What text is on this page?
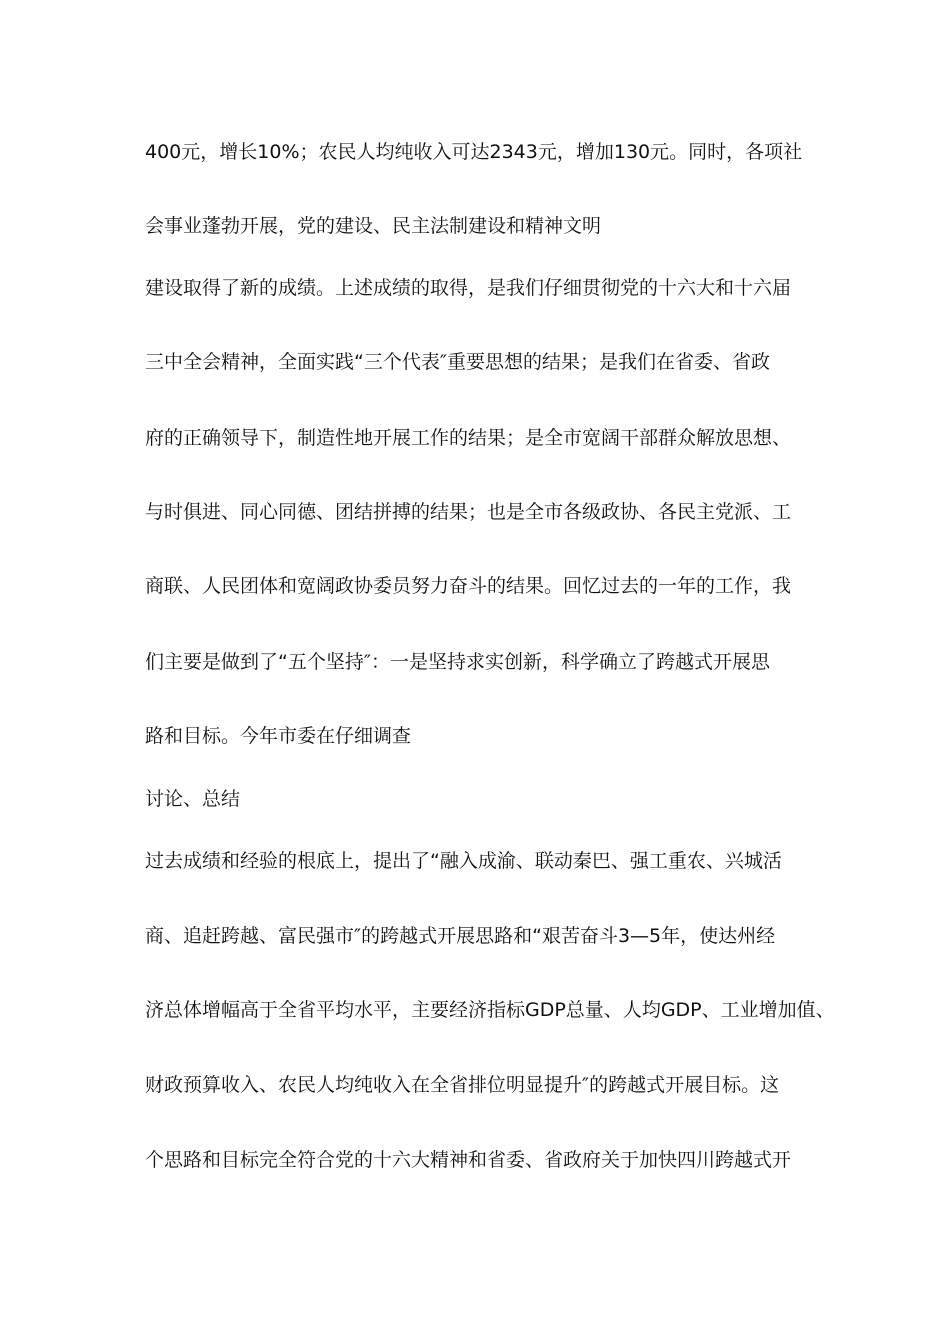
400元，增长10%；农民人均纯收入可达2343元，增加130元。同时，各项社
会事业蓬勃开展，党的建设、民主法制建设和精神文明
建设取得了新的成绩。上述成绩的取得，是我们仔细贯彻党的十六大和十六届
三中全会精神，全面实践“三个代表″重要思想的结果；是我们在省委、省政
府的正确领导下，制造性地开展工作的结果；是全市宽阔干部群众解放思想、
与时俱进、同心同德、团结拼搏的结果；也是全市各级政协、各民主党派、工
商联、人民团体和宽阔政协委员努力奋斗的结果。回忆过去的一年的工作，我
们主要是做到了“五个坚持″：一是坚持求实创新，科学确立了跨越式开展思
路和目标。今年市委在仔细调查
讨论、总结
过去成绩和经验的根底上，提出了“融入成渝、联动秦巴、强工重农、兴城活
商、追赶跨越、富民强市″的跨越式开展思路和“艰苦奋斗3—5年，使达州经
济总体增幅高于全省平均水平，主要经济指标GDP总量、人均GDP、工业增加值、
财政预算收入、农民人均纯收入在全省排位明显提升″的跨越式开展目标。这
个思路和目标完全符合党的十六大精神和省委、省政府关于加快四川跨越式开
